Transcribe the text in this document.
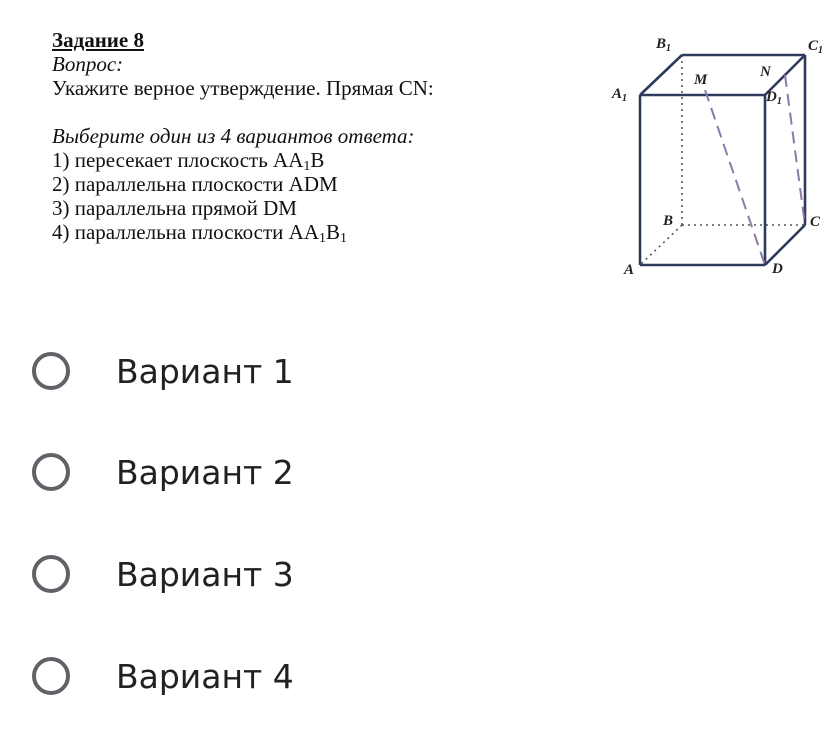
Задание 8
Вопрос:
Укажите верное утверждение. Прямая CN:
Выберите один из 4 вариантов ответа:
1) пересекает плоскость $AA_1B$
2) параллельна плоскости ADM
3) параллельна прямой DM
4) параллельна плоскости $AA_1B_1$
$B_1$	$C_1$
$A_1$	$D_1$
M	N
B	C
A	D
Вариант 1
Вариант 2
Вариант 3
Вариант 4
